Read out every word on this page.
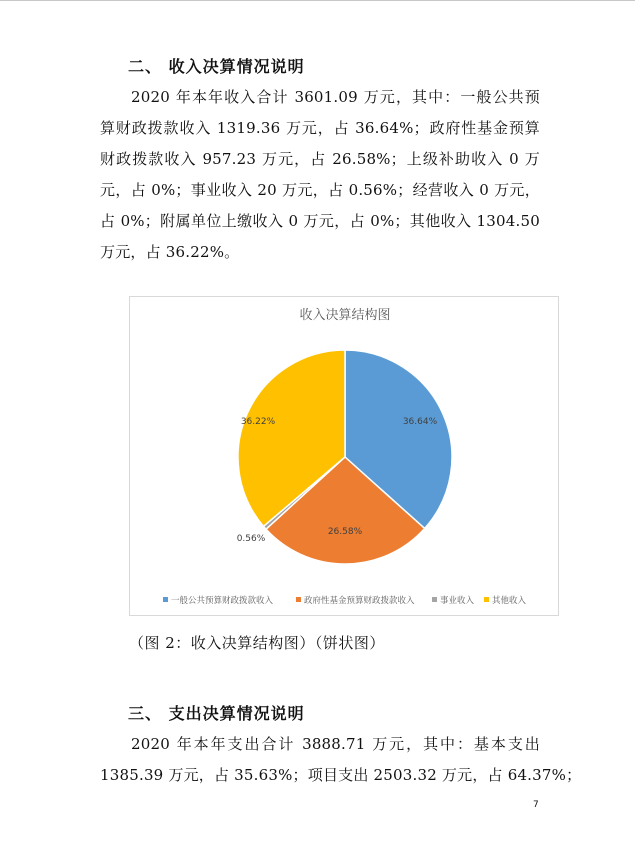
二、 收入决算情况说明
2020 年本年收入合计 3601.09 万元，其中：一般公共预
算财政拨款收入 1319.36 万元，占 36.64%；政府性基金预算
财政拨款收入 957.23 万元，占 26.58%；上级补助收入 0 万
元，占 0%；事业收入 20 万元，占 0.56%；经营收入 0 万元，
占 0%；附属单位上缴收入 0 万元，占 0%；其他收入 1304.50
万元，占 36.22%。
收入决算结构图
36.64%
26.58%
0.56%
36.22%
一般公共预算财政拨款收入	政府性基金预算财政拨款收入	事业收入 其他收入
（图 2：收入决算结构图）（饼状图）
三、 支出决算情况说明
2020 年本年支出合计 3888.71 万元，其中：基本支出
1385.39 万元，占 35.63%；项目支出 2503.32 万元，占 64.37%；
7
